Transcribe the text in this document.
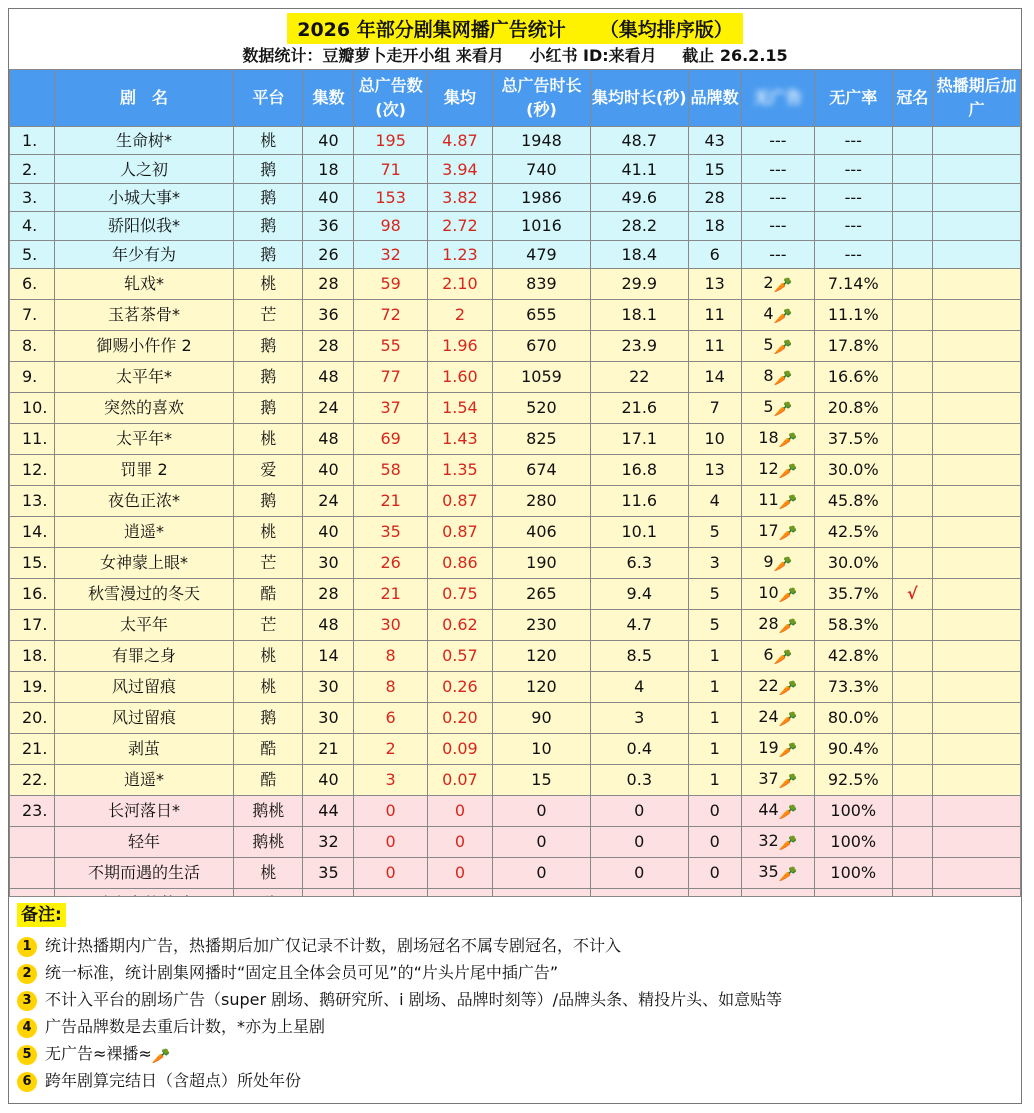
2026 年部分剧集网播广告统计 （集均排序版）
数据统计：豆瓣萝卜走开小组 来看月 小红书 ID:来看月 截止 26.2.15
	剧　名	平台	集数	总广告数(次)	集均	总广告时长(秒)	集均时长(秒)	品牌数	无广告	无广率	冠名	热播期后加广
1.	生命树*	桃	40	195	4.87	1948	48.7	43	---	---		
2.	人之初	鹅	18	71	3.94	740	41.1	15	---	---		
3.	小城大事*	鹅	40	153	3.82	1986	49.6	28	---	---		
4.	骄阳似我*	鹅	36	98	2.72	1016	28.2	18	---	---		
5.	年少有为	鹅	26	32	1.23	479	18.4	6	---	---		
6.	轧戏*	桃	28	59	2.10	839	29.9	13	2🥕	7.14%		
7.	玉茗茶骨*	芒	36	72	2	655	18.1	11	4🥕	11.1%		
8.	御赐小仵作 2	鹅	28	55	1.96	670	23.9	11	5🥕	17.8%		
9.	太平年*	鹅	48	77	1.60	1059	22	14	8🥕	16.6%		
10.	突然的喜欢	鹅	24	37	1.54	520	21.6	7	5🥕	20.8%		
11.	太平年*	桃	48	69	1.43	825	17.1	10	18🥕	37.5%		
12.	罚罪 2	爱	40	58	1.35	674	16.8	13	12🥕	30.0%		
13.	夜色正浓*	鹅	24	21	0.87	280	11.6	4	11🥕	45.8%		
14.	逍遥*	桃	40	35	0.87	406	10.1	5	17🥕	42.5%		
15.	女神蒙上眼*	芒	30	26	0.86	190	6.3	3	9🥕	30.0%		
16.	秋雪漫过的冬天	酷	28	21	0.75	265	9.4	5	10🥕	35.7%	√	
17.	太平年	芒	48	30	0.62	230	4.7	5	28🥕	58.3%		
18.	有罪之身	桃	14	8	0.57	120	8.5	1	6🥕	42.8%		
19.	风过留痕	桃	30	8	0.26	120	4	1	22🥕	73.3%		
20.	风过留痕	鹅	30	6	0.20	90	3	1	24🥕	80.0%		
21.	剥茧	酷	21	2	0.09	10	0.4	1	19🥕	90.4%		
22.	逍遥*	酷	40	3	0.07	15	0.3	1	37🥕	92.5%		
23.	长河落日*	鹅桃	44	0	0	0	0	0	44🥕	100%		
	轻年	鹅桃	32	0	0	0	0	0	32🥕	100%		
	不期而遇的生活	桃	35	0	0	0	0	0	35🥕	100%		

备注:
1 统计热播期内广告，热播期后加广仅记录不计数，剧场冠名不属专剧冠名，不计入
2 统一标准，统计剧集网播时“固定且全体会员可见”的“片头片尾中插广告”
3 不计入平台的剧场广告（super 剧场、鹅研究所、i 剧场、品牌时刻等）/品牌头条、精投片头、如意贴等
4 广告品牌数是去重后计数，*亦为上星剧
5 无广告≈裸播≈🥕
6 跨年剧算完结日（含超点）所处年份
